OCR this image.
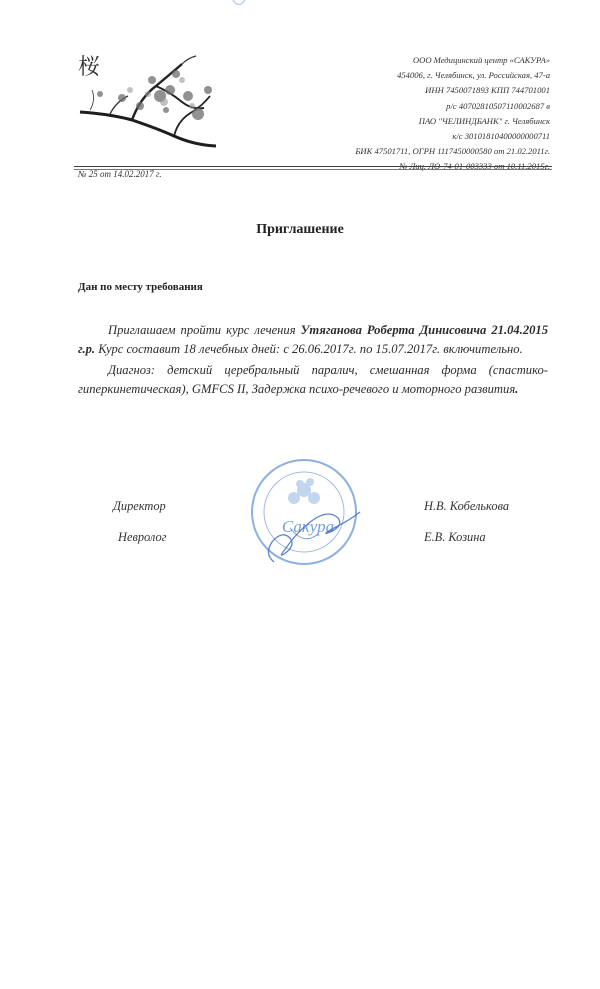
桜	ООО Медицинский центр «САКУРА»
454006, г. Челябинск, ул. Российская, 47-а
ИНН 7450071893 КПП 744701001
р/с 40702810507110002687 в
ПАО "ЧЕЛИНДБАНК" г. Челябинск
к/с 30101810400000000711
БИК 47501711, ОГРН 1117450000580 от 21.02.2011г.
№ Лиц. ЛО-74-01-003333 от 10.11.2015г.
№ 25 от 14.02.2017 г.
Приглашение
Дан по месту требования

Приглашаем пройти курс лечения Утяганова Роберта Динисовича 21.04.2015 г.р. Курс составит 18 лечебных дней: с 26.06.2017г. по 15.07.2017г. включительно.

Диагноз: детский церебральный паралич, смешанная форма (спастико-гиперкинетическая), GMFCS II, Задержка психо-речевого и моторного развития.

Сакура
Директор	Н.В. Кобелькова
Невролог	Е.В. Козина
